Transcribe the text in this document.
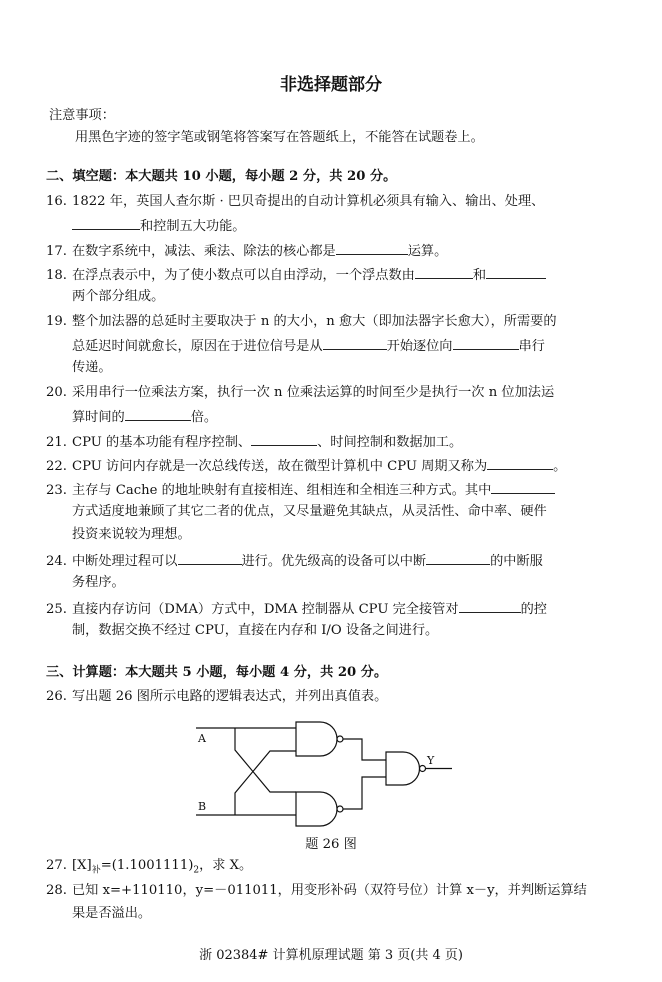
非选择题部分
注意事项：
用黑色字迹的签字笔或钢笔将答案写在答题纸上，不能答在试题卷上。
二、填空题：本大题共 10 小题，每小题 2 分，共 20 分。
16. 1822 年，英国人查尔斯 · 巴贝奇提出的自动计算机必须具有输入、输出、处理、
和控制五大功能。
17. 在数字系统中，减法、乘法、除法的核心都是	运算。
18. 在浮点表示中，为了使小数点可以自由浮动，一个浮点数由	和
两个部分组成。
19. 整个加法器的总延时主要取决于 n 的大小，n 愈大（即加法器字长愈大），所需要的
总延迟时间就愈长，原因在于进位信号是从	开始逐位向	串行
传递。
20. 采用串行一位乘法方案，执行一次 n 位乘法运算的时间至少是执行一次 n 位加法运
算时间的	倍。
21. CPU 的基本功能有程序控制、	、时间控制和数据加工。
22. CPU 访问内存就是一次总线传送，故在微型计算机中 CPU 周期又称为	。
23. 主存与 Cache 的地址映射有直接相连、组相连和全相连三种方式。其中
方式适度地兼顾了其它二者的优点，又尽量避免其缺点，从灵活性、命中率、硬件
投资来说较为理想。
24. 中断处理过程可以	进行。优先级高的设备可以中断	的中断服
务程序。
25. 直接内存访问（DMA）方式中，DMA 控制器从 CPU 完全接管对	的控
制，数据交换不经过 CPU，直接在内存和 I/O 设备之间进行。
三、计算题：本大题共 5 小题，每小题 4 分，共 20 分。
26. 写出题 26 图所示电路的逻辑表达式，并列出真值表。
A
B
Y
题 26 图
27. $[X]_补=(1.1001111)_2$，求 X。
28. 已知 x=+110110，y=－011011，用变形补码（双符号位）计算 x－y，并判断运算结
果是否溢出。
浙 02384# 计算机原理试题 第 3 页(共 4 页)
